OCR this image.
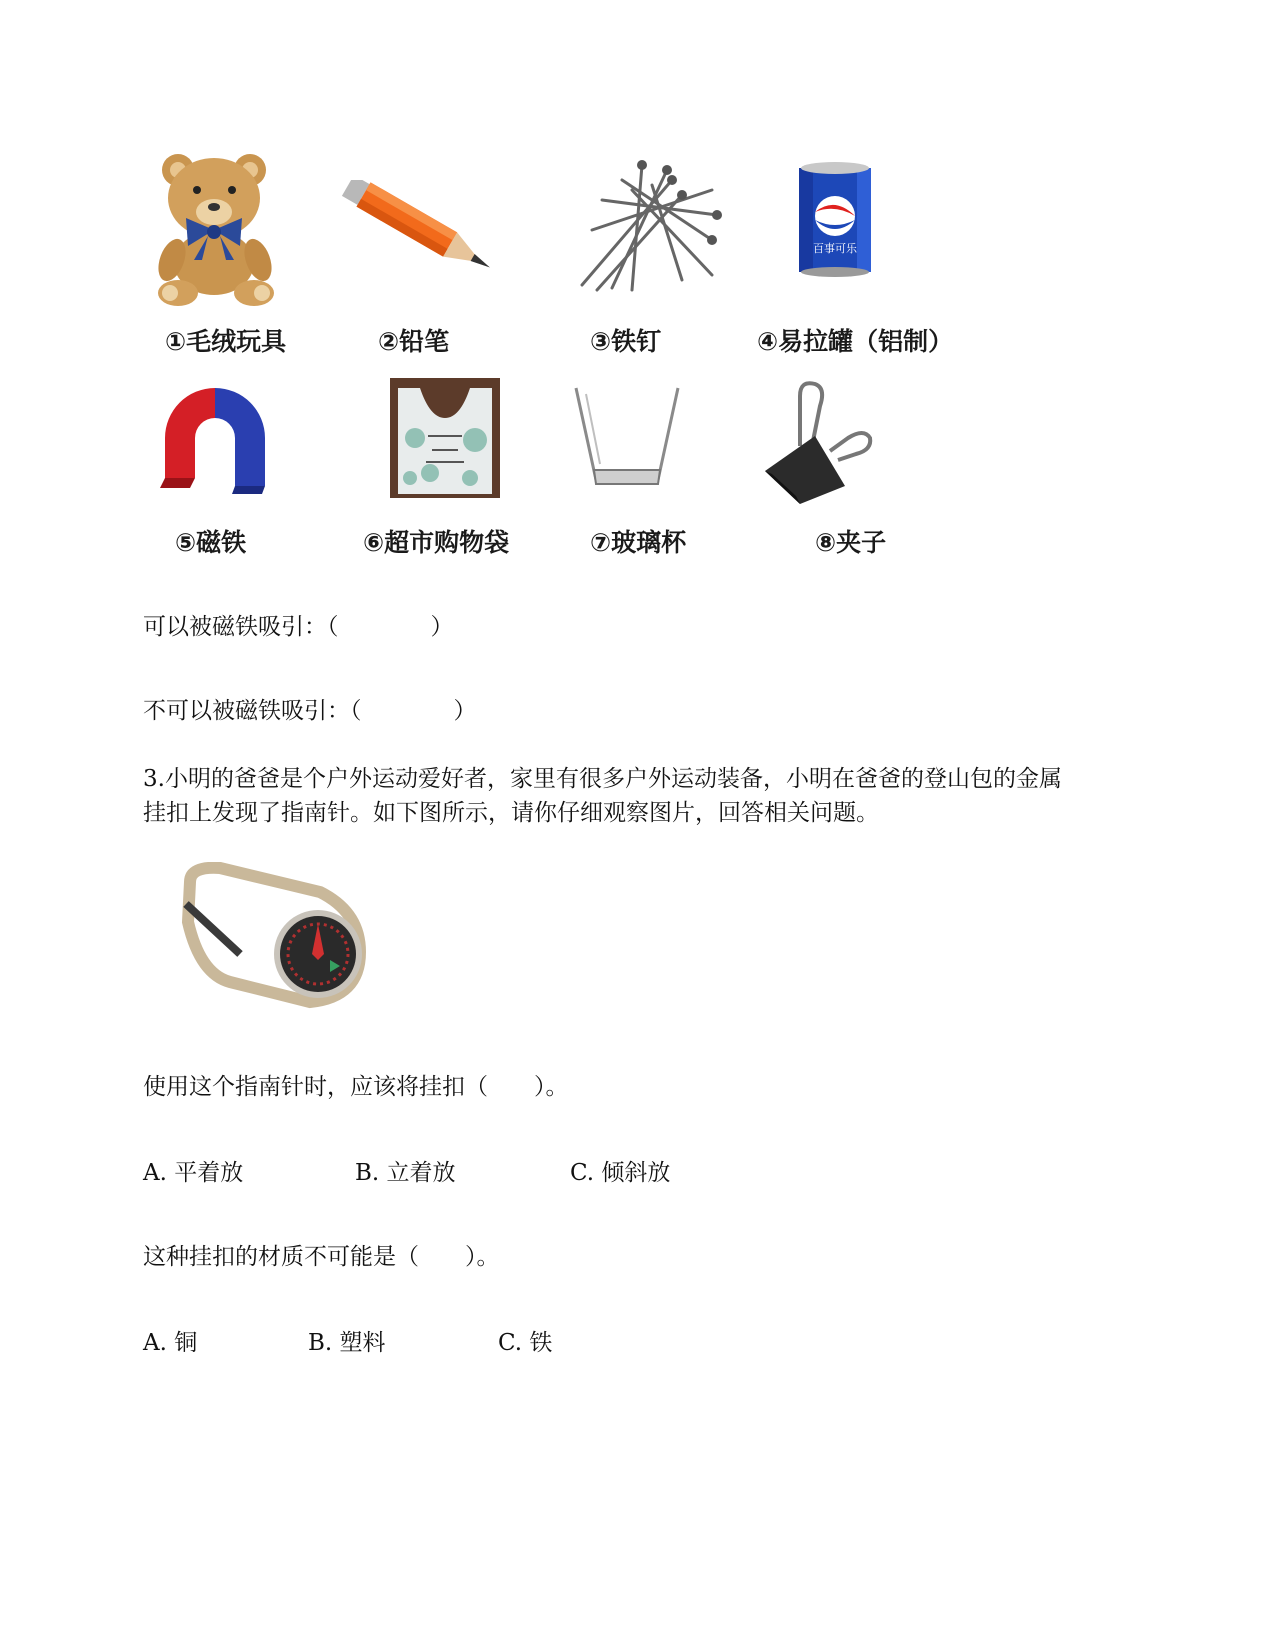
百事可乐
①毛绒玩具	②铅笔	③铁钉	④易拉罐（铝制）
⑤磁铁	⑥超市购物袋	⑦玻璃杯	⑧夹子
可以被磁铁吸引：（　　　　）
不可以被磁铁吸引：（　　　　）
3.小明的爸爸是个户外运动爱好者，家里有很多户外运动装备，小明在爸爸的登山包的金属挂扣上发现了指南针。如下图所示，请你仔细观察图片，回答相关问题。
使用这个指南针时，应该将挂扣（　　）。
A. 平着放	B. 立着放	C. 倾斜放
这种挂扣的材质不可能是（　　）。
A. 铜	B. 塑料	C. 铁
